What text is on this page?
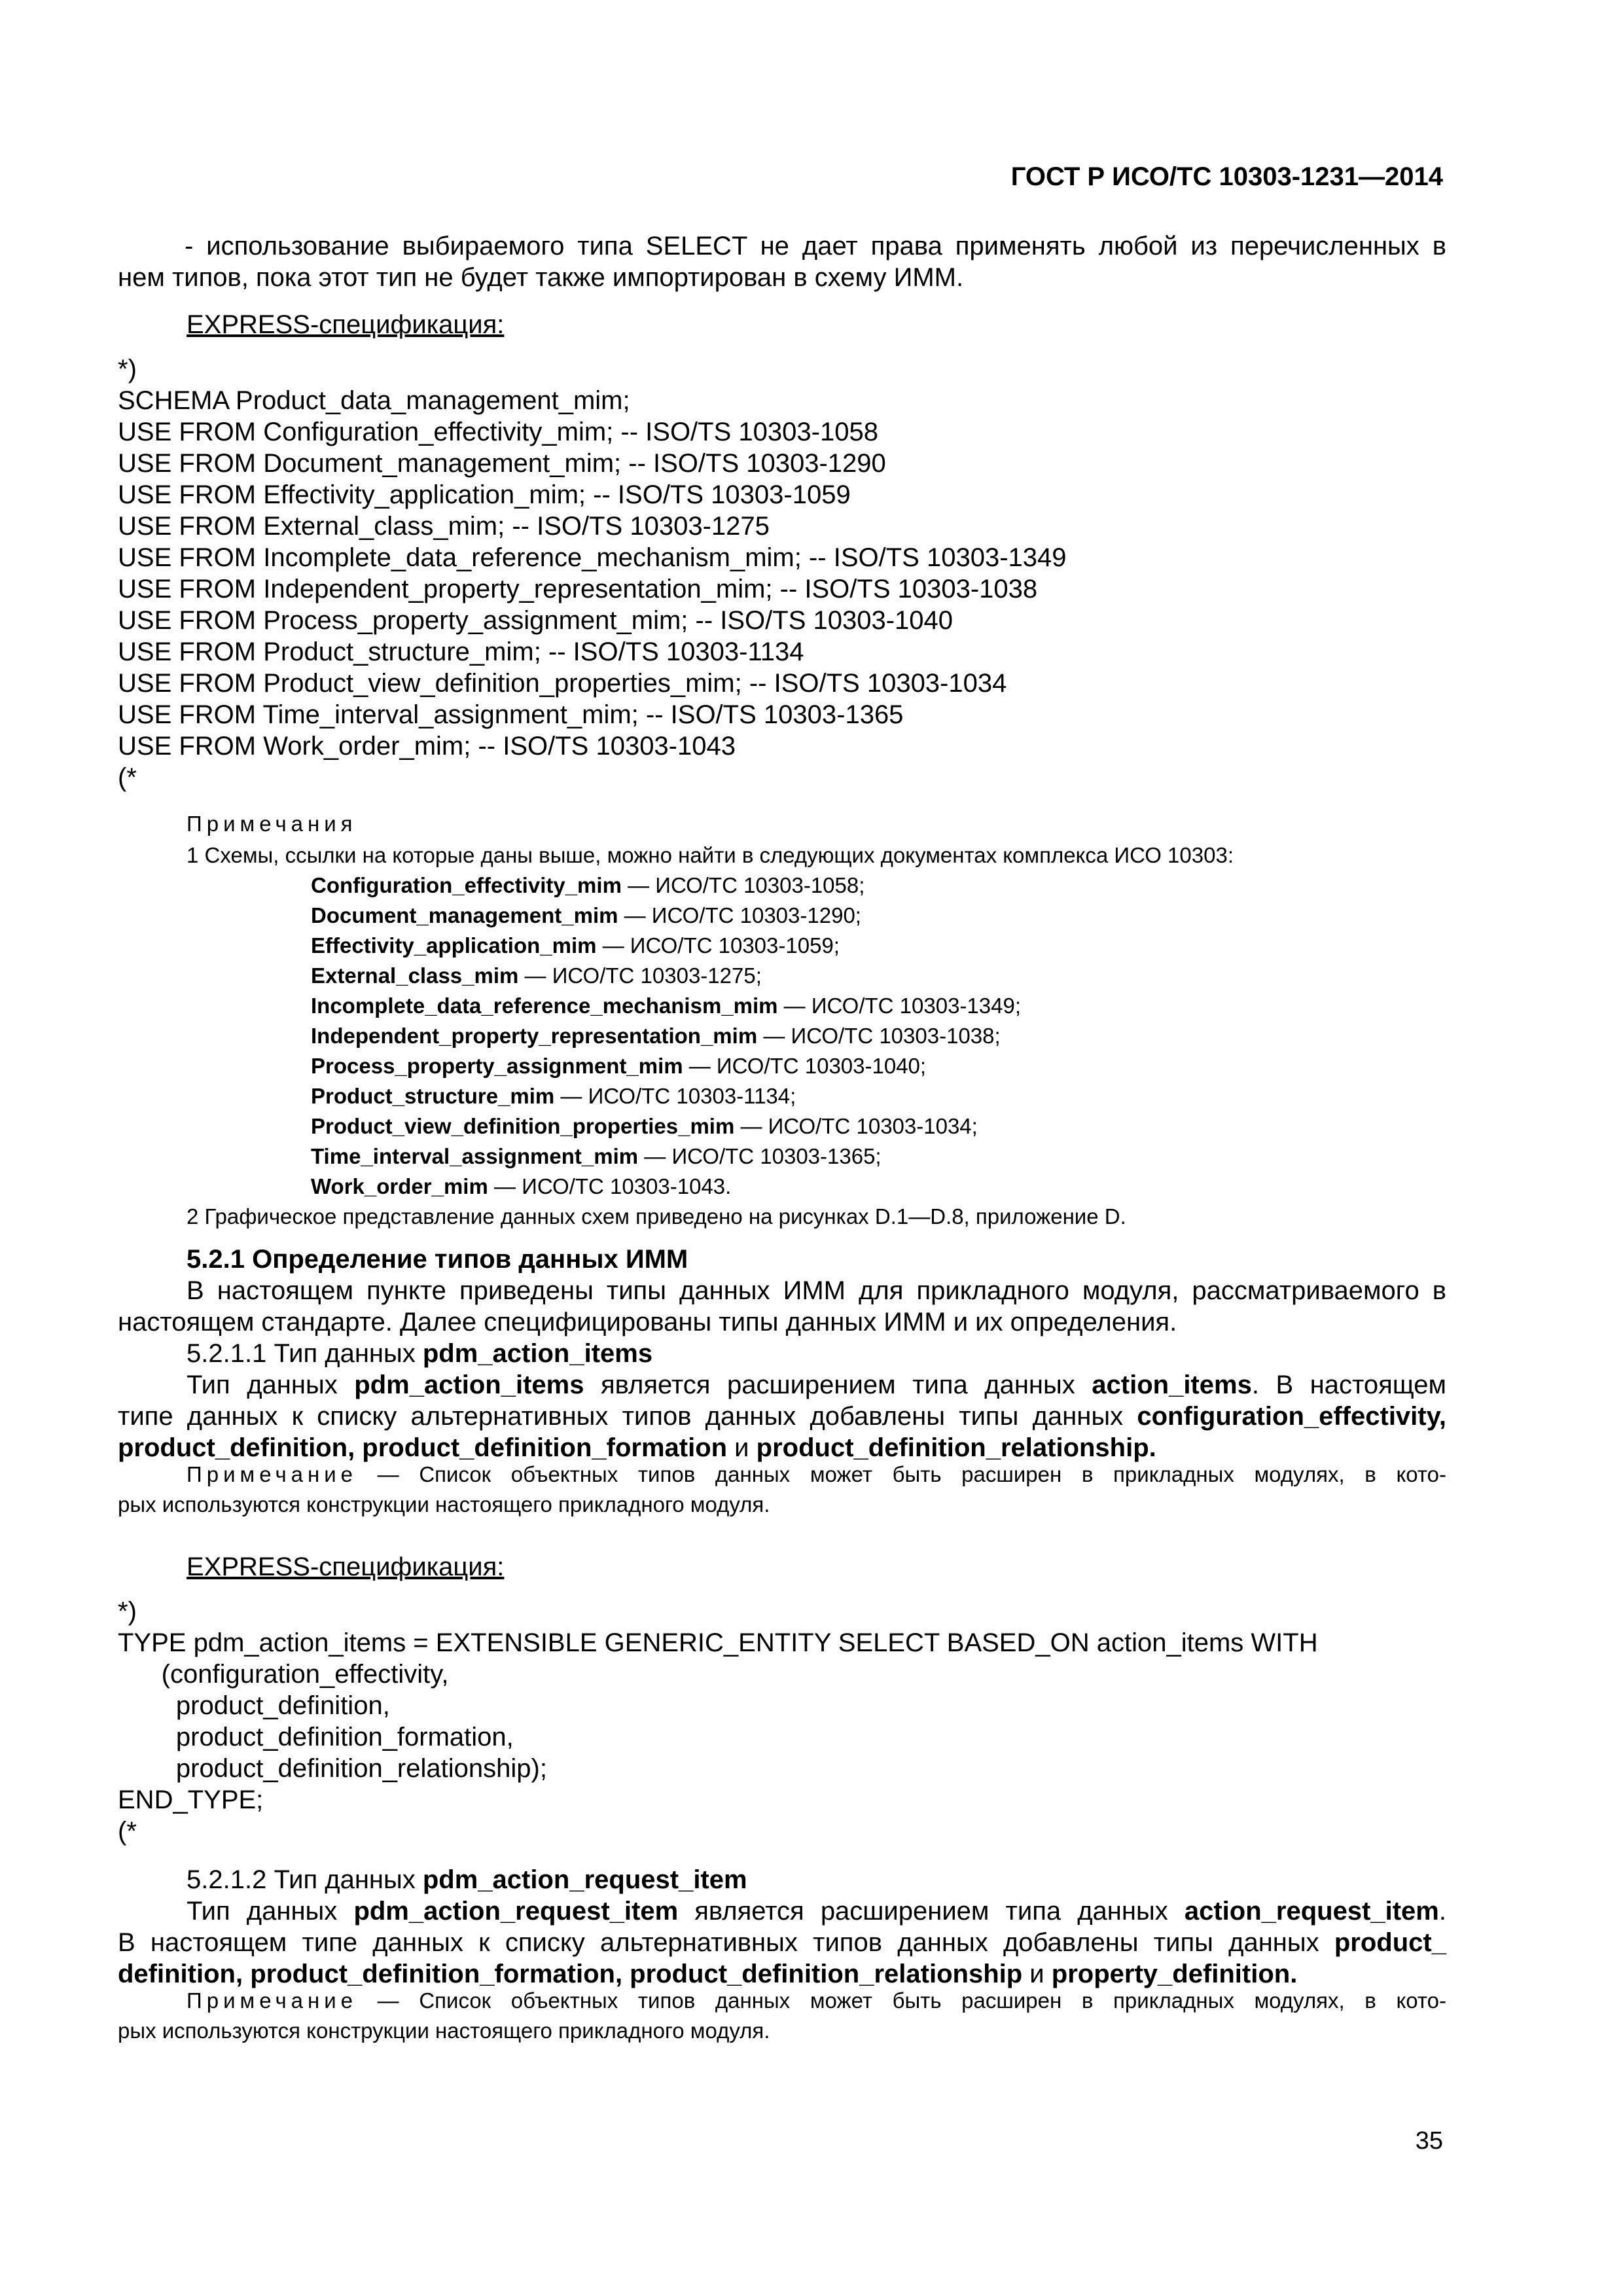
ГОСТ Р ИСО/ТС 10303-1231—2014
- использование выбираемого типа SELECT не дает права применять любой из перечисленных в
нем типов, пока этот тип не будет также импортирован в схему ИММ.
EXPRESS-спецификация:
*)
SCHEMA Product_data_management_mim;
USE FROM Configuration_effectivity_mim; -- ISO/TS 10303-1058
USE FROM Document_management_mim; -- ISO/TS 10303-1290
USE FROM Effectivity_application_mim; -- ISO/TS 10303-1059
USE FROM External_class_mim; -- ISO/TS 10303-1275
USE FROM Incomplete_data_reference_mechanism_mim; -- ISO/TS 10303-1349
USE FROM Independent_property_representation_mim; -- ISO/TS 10303-1038
USE FROM Process_property_assignment_mim; -- ISO/TS 10303-1040
USE FROM Product_structure_mim; -- ISO/TS 10303-1134
USE FROM Product_view_definition_properties_mim; -- ISO/TS 10303-1034
USE FROM Time_interval_assignment_mim; -- ISO/TS 10303-1365
USE FROM Work_order_mim; -- ISO/TS 10303-1043
(*
Примечания
1 Схемы, ссылки на которые даны выше, можно найти в следующих документах комплекса ИСО 10303:
Configuration_effectivity_mim — ИСО/ТС 10303-1058;
Document_management_mim — ИСО/ТС 10303-1290;
Effectivity_application_mim — ИСО/ТС 10303-1059;
External_class_mim — ИСО/ТС 10303-1275;
Incomplete_data_reference_mechanism_mim — ИСО/ТС 10303-1349;
Independent_property_representation_mim — ИСО/ТС 10303-1038;
Process_property_assignment_mim — ИСО/ТС 10303-1040;
Product_structure_mim — ИСО/ТС 10303-1134;
Product_view_definition_properties_mim — ИСО/ТС 10303-1034;
Time_interval_assignment_mim — ИСО/ТС 10303-1365;
Work_order_mim — ИСО/ТС 10303-1043.
2 Графическое представление данных схем приведено на рисунках D.1—D.8, приложение D.
5.2.1 Определение типов данных ИММ
В настоящем пункте приведены типы данных ИММ для прикладного модуля, рассматриваемого в
настоящем стандарте. Далее специфицированы типы данных ИММ и их определения.
5.2.1.1 Тип данных pdm_action_items
Тип данных pdm_action_items является расширением типа данных action_items. В настоящем
типе данных к списку альтернативных типов данных добавлены типы данных configuration_effectivity,
product_definition, product_definition_formation и product_definition_relationship.
Примечание — Список объектных типов данных может быть расширен в прикладных модулях, в кото-
рых используются конструкции настоящего прикладного модуля.
EXPRESS-спецификация:
*)
TYPE pdm_action_items = EXTENSIBLE GENERIC_ENTITY SELECT BASED_ON action_items WITH
(configuration_effectivity,
product_definition,
product_definition_formation,
product_definition_relationship);
END_TYPE;
(*
5.2.1.2 Тип данных pdm_action_request_item
Тип данных pdm_action_request_item является расширением типа данных action_request_item.
В настоящем типе данных к списку альтернативных типов данных добавлены типы данных product_
definition, product_definition_formation, product_definition_relationship и property_definition.
Примечание — Список объектных типов данных может быть расширен в прикладных модулях, в кото-
рых используются конструкции настоящего прикладного модуля.
35
